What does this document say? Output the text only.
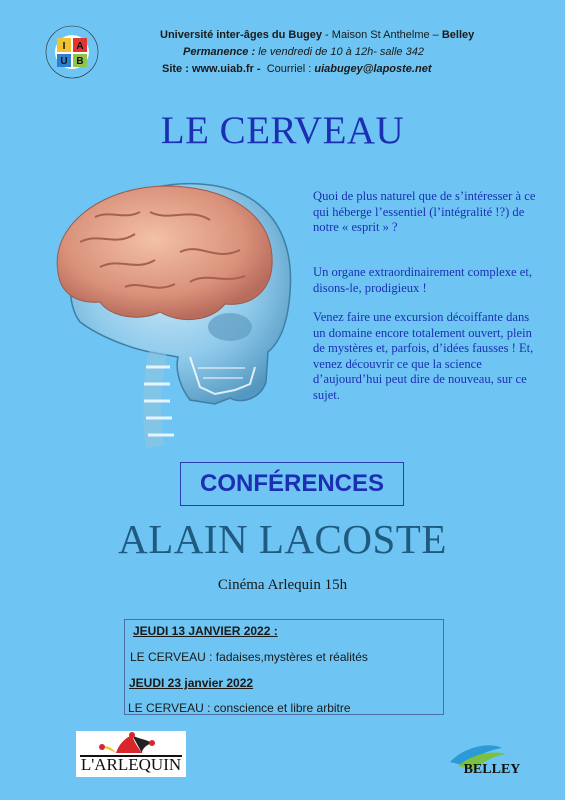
I A
U B
Université inter-âges du Bugey - Maison St Anthelme – Belley
Permanence : le vendredi de 10 à 12h- salle 342
Site : www.uiab.fr -  Courriel : uiabugey@laposte.net
LE CERVEAU
Quoi de plus naturel que de s’intéresser à ce qui héberge l’essentiel (l’intégralité !?) de notre « esprit » ?
Un organe extraordinairement complexe et, disons-le, prodigieux !
Venez faire une excursion décoiffante dans un domaine encore totalement ouvert, plein de mystères et, parfois, d’idées fausses ! Et, venez découvrir ce que la science d’aujourd’hui peut dire de nouveau, sur ce sujet.
CONFÉRENCES
ALAIN LACOSTE
Cinéma Arlequin 15h
JEUDI 13 JANVIER 2022 :
LE CERVEAU : fadaises,mystères et réalités
JEUDI 23 janvier 2022
LE CERVEAU : conscience et libre arbitre
L'ARLEQUIN	BELLEY
